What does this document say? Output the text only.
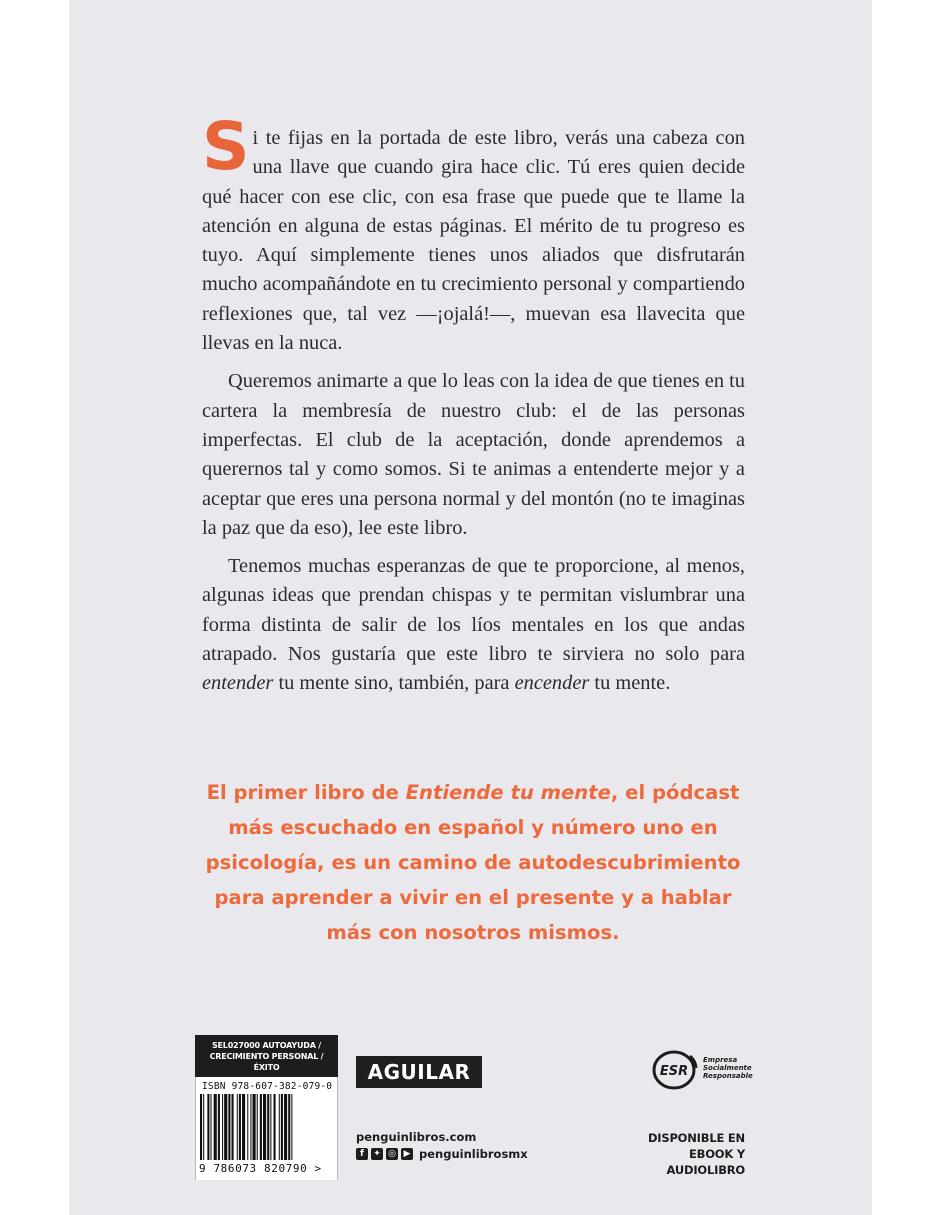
Si te fijas en la portada de este libro, verás una cabeza con una llave que cuando gira hace clic. Tú eres quien decide qué hacer con ese clic, con esa frase que puede que te llame la atención en alguna de estas páginas. El mérito de tu progreso es tuyo. Aquí simplemente tienes unos aliados que disfrutarán mucho acompañándote en tu crecimiento personal y compartiendo reflexiones que, tal vez —¡ojalá!—, muevan esa llavecita que llevas en la nuca.

Queremos animarte a que lo leas con la idea de que tienes en tu cartera la membresía de nuestro club: el de las personas imperfectas. El club de la aceptación, donde aprendemos a querernos tal y como somos. Si te animas a entenderte mejor y a aceptar que eres una persona normal y del montón (no te imaginas la paz que da eso), lee este libro.

Tenemos muchas esperanzas de que te proporcione, al menos, algunas ideas que prendan chispas y te permitan vislumbrar una forma distinta de salir de los líos mentales en los que andas atrapado. Nos gustaría que este libro te sirviera no solo para entender tu mente sino, también, para encender tu mente.

El primer libro de Entiende tu mente, el pódcast más escuchado en español y número uno en psicología, es un camino de autodescubrimiento para aprender a vivir en el presente y a hablar más con nosotros mismos.
SEL027000 AUTOAYUDA /
CRECIMIENTO PERSONAL / ÉXITO
ISBN 978-607-382-079-0
9 786073 820790 >
AGUILAR
penguinlibros.com
f	✦ ◎ ▶ penguinlibrosmx
ESR
Empresa
Socialmente
Responsable
DISPONIBLE EN
EBOOK Y AUDIOLIBRO
